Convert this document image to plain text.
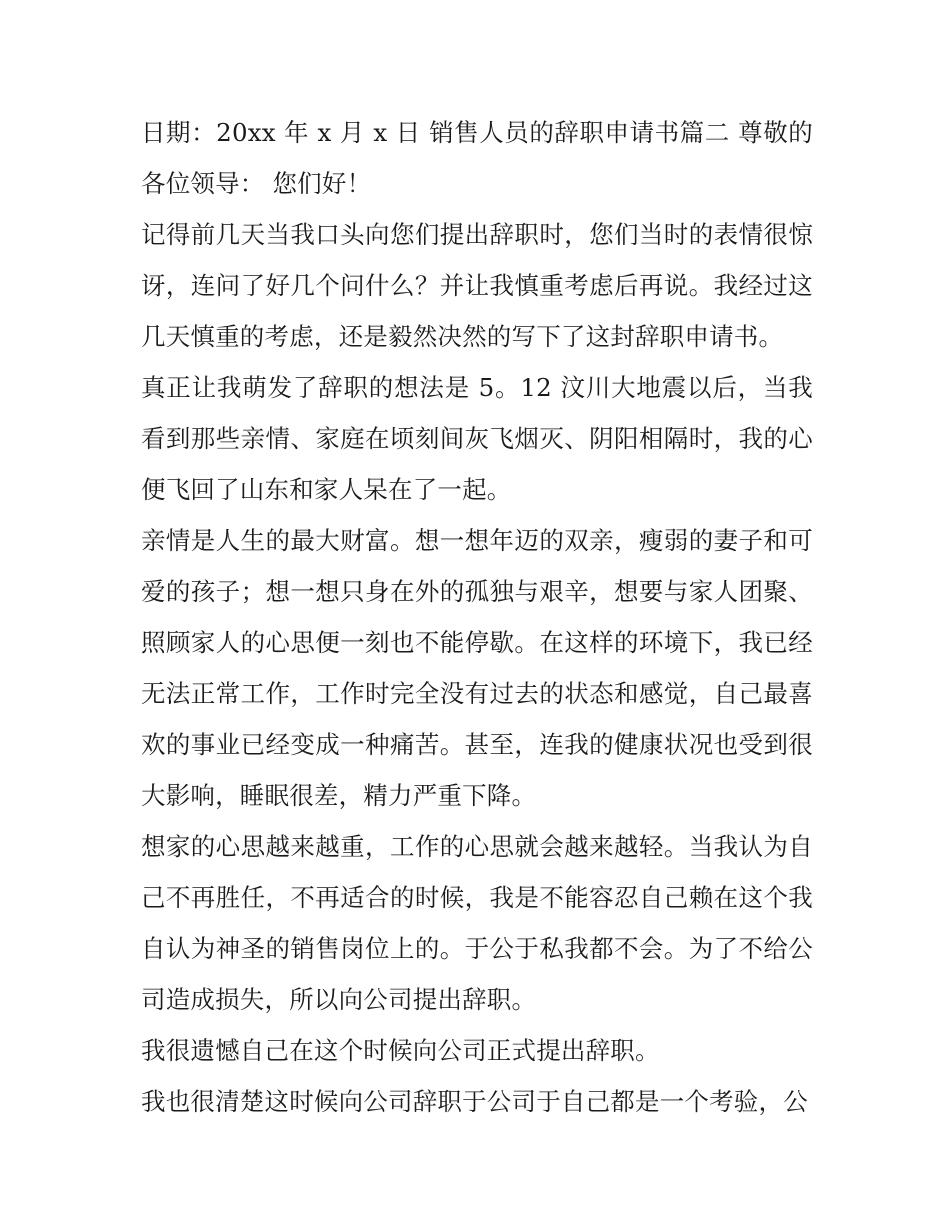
日期：20xx 年 x 月 x 日 销售人员的辞职申请书篇二 尊敬的各位领导： 您们好！

记得前几天当我口头向您们提出辞职时，您们当时的表情很惊讶，连问了好几个问什么？并让我慎重考虑后再说。我经过这几天慎重的考虑，还是毅然决然的写下了这封辞职申请书。

真正让我萌发了辞职的想法是 5。12 汶川大地震以后，当我看到那些亲情、家庭在顷刻间灰飞烟灭、阴阳相隔时，我的心便飞回了山东和家人呆在了一起。

亲情是人生的最大财富。想一想年迈的双亲，瘦弱的妻子和可爱的孩子；想一想只身在外的孤独与艰辛，想要与家人团聚、照顾家人的心思便一刻也不能停歇。在这样的环境下，我已经无法正常工作，工作时完全没有过去的状态和感觉，自己最喜欢的事业已经变成一种痛苦。甚至，连我的健康状况也受到很大影响，睡眠很差，精力严重下降。

想家的心思越来越重，工作的心思就会越来越轻。当我认为自己不再胜任，不再适合的时候，我是不能容忍自己赖在这个我自认为神圣的销售岗位上的。于公于私我都不会。为了不给公司造成损失，所以向公司提出辞职。

我很遗憾自己在这个时候向公司正式提出辞职。

我也很清楚这时候向公司辞职于公司于自己都是一个考验，公
